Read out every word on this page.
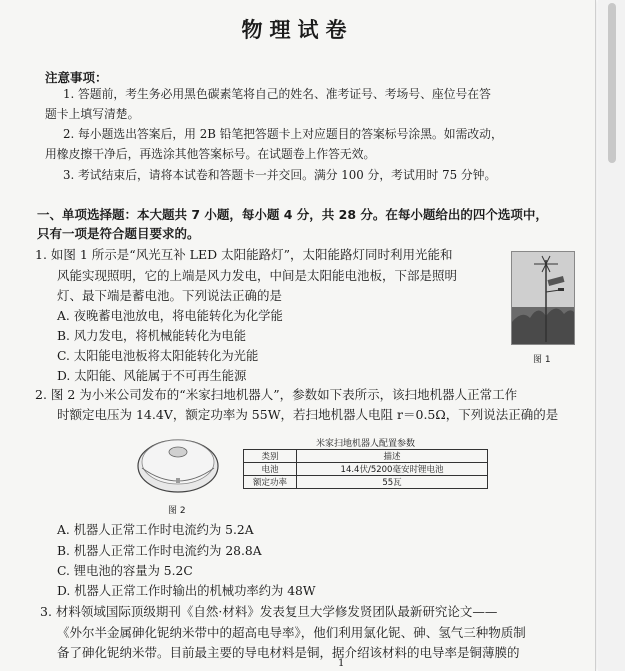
物理试卷
注意事项：
1. 答题前，考生务必用黑色碳素笔将自己的姓名、准考证号、考场号、座位号在答
题卡上填写清楚。
2. 每小题选出答案后，用 2B 铅笔把答题卡上对应题目的答案标号涂黑。如需改动，
用橡皮擦干净后，再选涂其他答案标号。在试题卷上作答无效。
3. 考试结束后，请将本试卷和答题卡一并交回。满分 100 分，考试用时 75 分钟。
一、单项选择题：本大题共 7 小题，每小题 4 分，共 28 分。在每小题给出的四个选项中，
只有一项是符合题目要求的。
1. 如图 1 所示是“风光互补 LED 太阳能路灯”，太阳能路灯同时利用光能和
风能实现照明，它的上端是风力发电，中间是太阳能电池板，下部是照明
灯、最下端是蓄电池。下列说法正确的是
A. 夜晚蓄电池放电，将电能转化为化学能
B. 风力发电，将机械能转化为电能
C. 太阳能电池板将太阳能转化为光能
D. 太阳能、风能属于不可再生能源
图 1
2. 图 2 为小米公司发布的“米家扫地机器人”，参数如下表所示，该扫地机器人正常工作
时额定电压为 14.4V，额定功率为 55W，若扫地机器人电阻 r＝0.5Ω，下列说法正确的是
图 2
米家扫地机器人配置参数
类别	描述
电池	14.4伏/5200毫安时锂电池
额定功率	55瓦
A. 机器人正常工作时电流约为 5.2A
B. 机器人正常工作时电流约为 28.8A
C. 锂电池的容量为 5.2C
D. 机器人正常工作时输出的机械功率约为 48W
3. 材料领域国际顶级期刊《自然·材料》发表复旦大学修发贤团队最新研究论文——
《外尔半金属砷化铌纳米带中的超高电导率》，他们利用氯化铌、砷、氢气三种物质制
备了砷化铌纳米带。目前最主要的导电材料是铜，据介绍该材料的电导率是铜薄膜的
1
